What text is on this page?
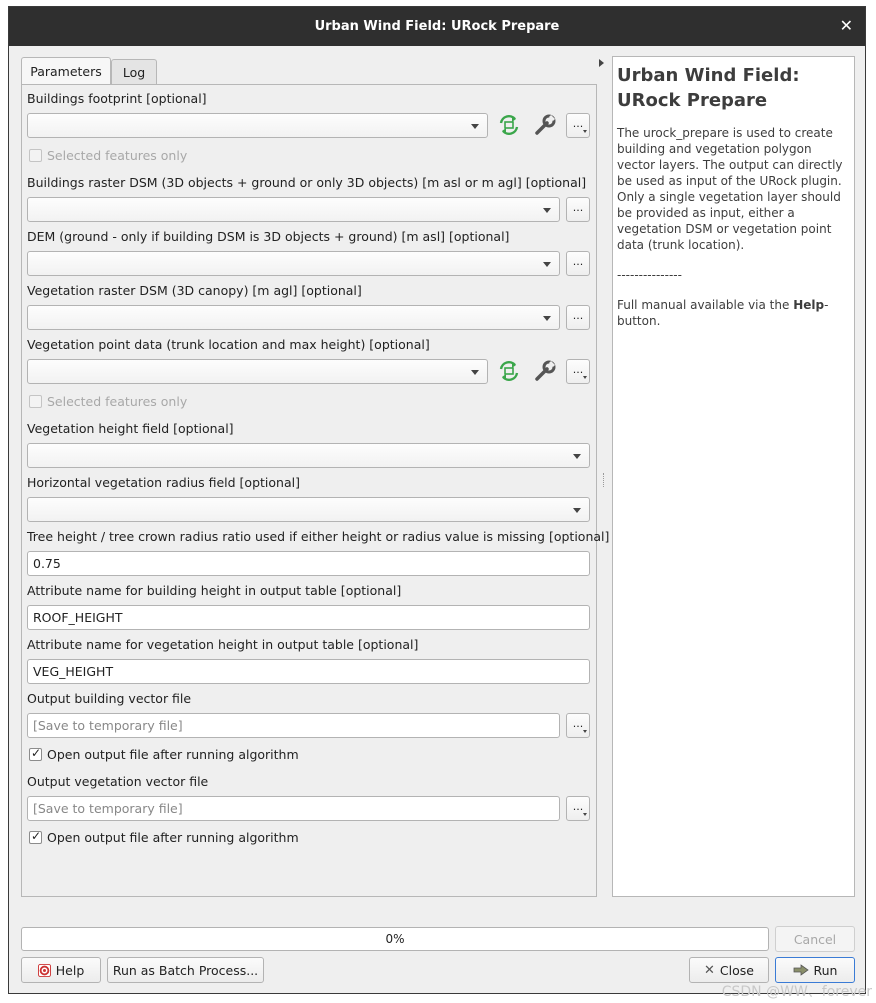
Urban Wind Field: URock Prepare	✕
Parameters Log
Buildings footprint [optional]
...
Selected features only
Buildings raster DSM (3D objects + ground or only 3D objects) [m asl or m agl] [optional]
...
DEM (ground - only if building DSM is 3D objects + ground) [m asl] [optional]
...
Vegetation raster DSM (3D canopy) [m agl] [optional]
...
Vegetation point data (trunk location and max height) [optional]
...
Selected features only
Vegetation height field [optional]
Horizontal vegetation radius field [optional]
Tree height / tree crown radius ratio used if either height or radius value is missing [optional]
0.75
Attribute name for building height in output table [optional]
ROOF_HEIGHT
Attribute name for vegetation height in output table [optional]
VEG_HEIGHT
Output building vector file
[Save to temporary file]	...
✓ Open output file after running algorithm
Output vegetation vector file
[Save to temporary file]	...
✓ Open output file after running algorithm
Urban Wind Field: URock Prepare

The urock_prepare is used to create building and vegetation polygon vector layers. The output can directly be used as input of the URock plugin. Only a single vegetation layer should be provided as input, either a vegetation DSM or vegetation point data (trunk location).

---------------

Full manual available via the Help-button.

0%	Cancel
Help Run as Batch Process...	✕ Close	Run
CSDN @WW、forever
